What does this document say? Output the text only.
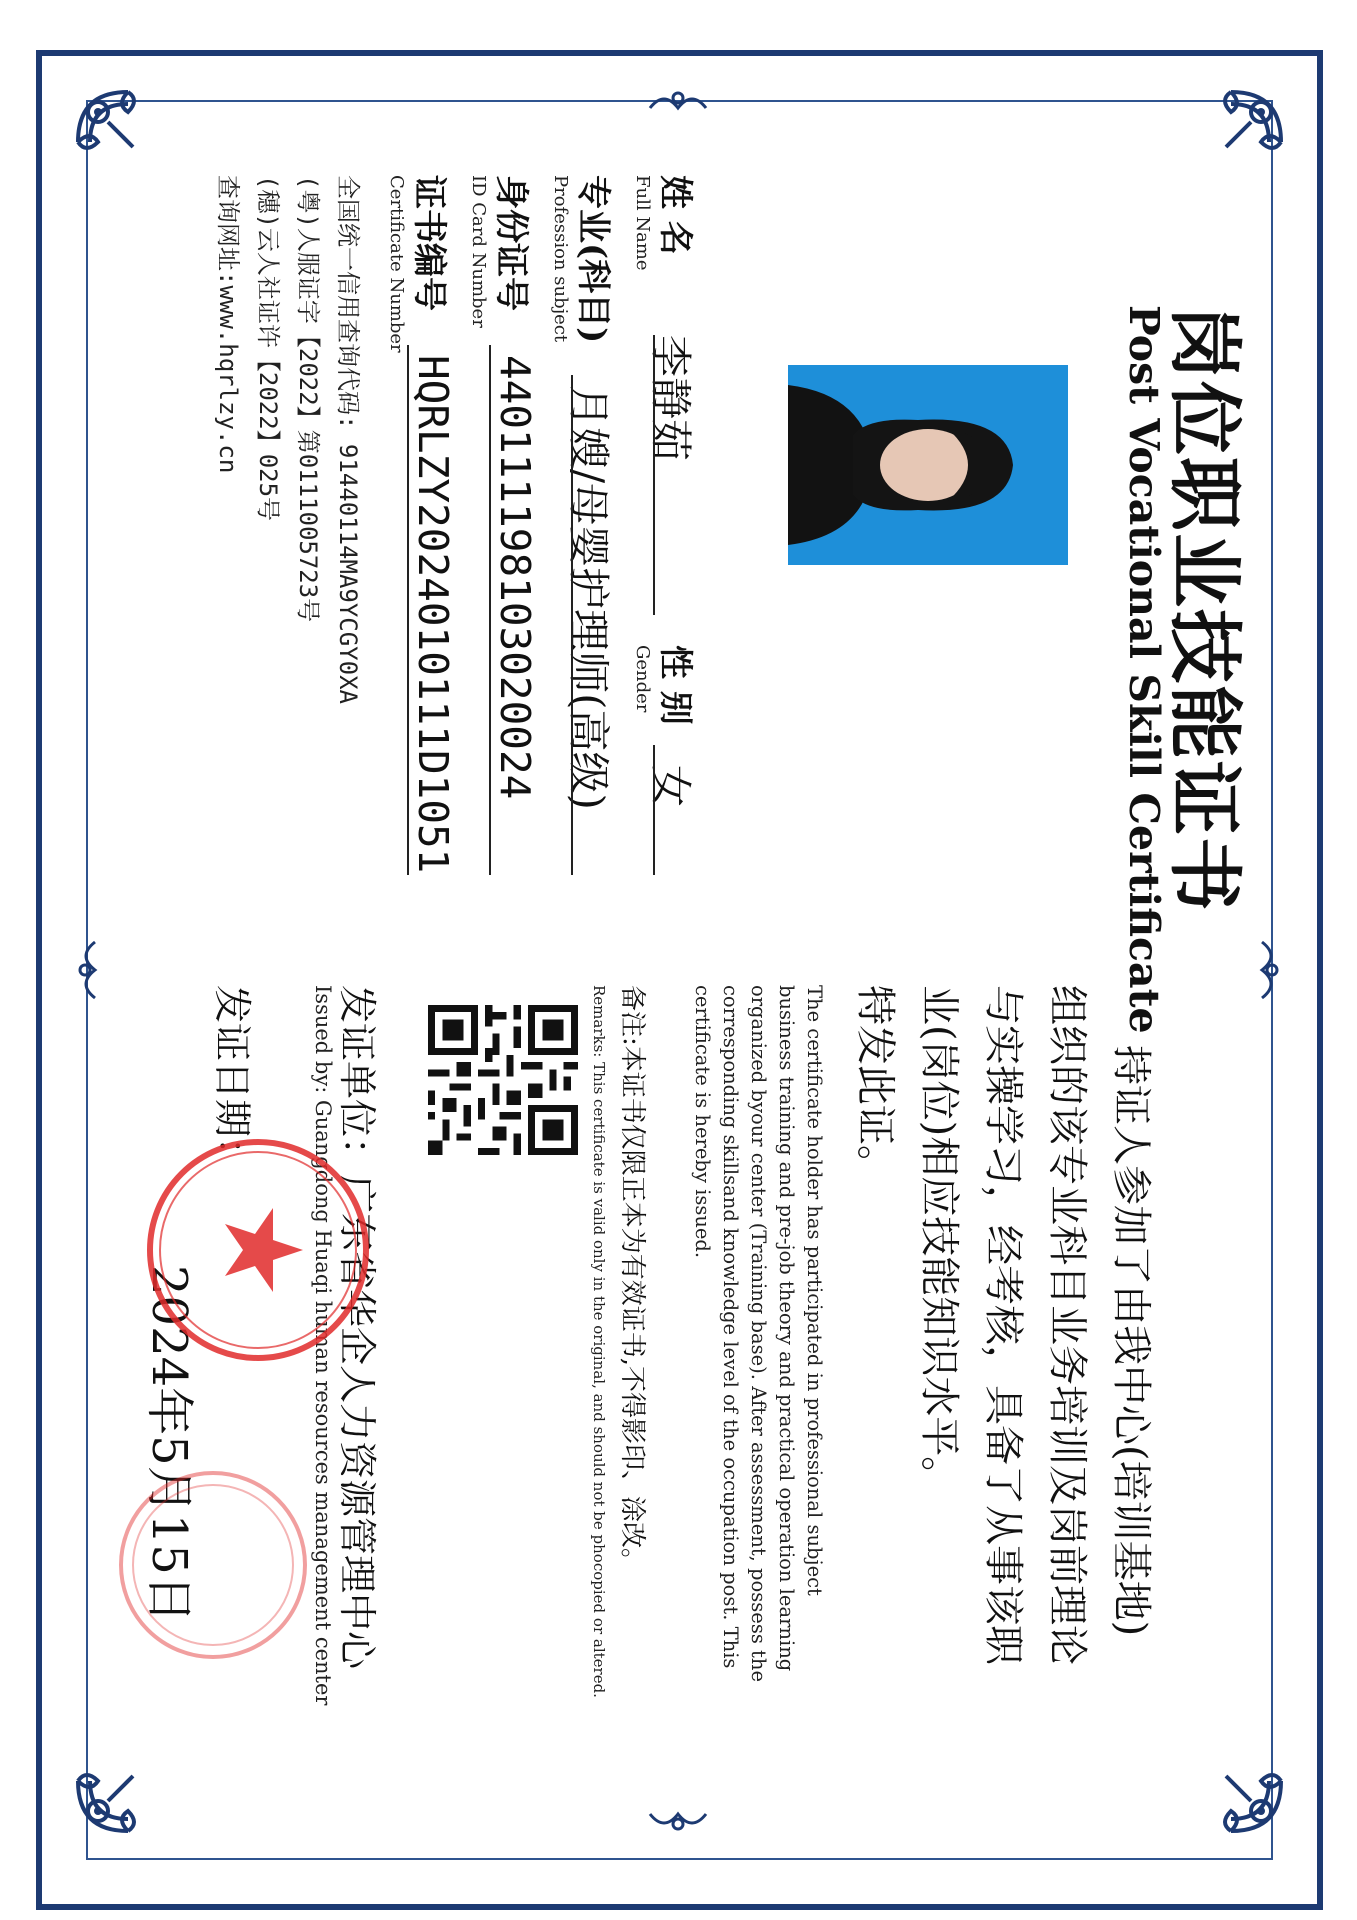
岗位职业技能证书
Post Vocational Skill Certificate
姓 名
Full Name
李静茹
性 别
Gender
女
专业(科目)
Profession subject
月嫂/母婴护理师(高级)
身份证号
ID Card Number
440111198103020024
证书编号
Certificate Number
HQRLZY2024010111D1051
全国统一信用查询代码: 91440114MA9YCGY0XA
(粤)人服证字【2022】第0111005723号
(穗)云人社证许【2022】025号
查询网址:www.hqrlzy.cn
持证人参加了由我中心(培训基地)
组织的该专业科目业务培训及岗前理论
与实操学习，经考核，具备了从事该职
业(岗位)相应技能知识水平。
特发此证。
The certificate holder has participated in professional subject business training and pre-job theory and practical operation learning organized byour center (Training base). After assessment, possess the corresponding skillsand knowledge level of the occupation post. This certificate is hereby issued.
备注:本证书仅限正本为有效证书,不得影印、涂改。
Remarks: This certificate is valid only in the original, and should not be phocopied or altered.
发证单位：广东省华企人力资源管理中心
Issued by: Guangdong Huaqi human resources management center
发证日期：
2024年5月15日
